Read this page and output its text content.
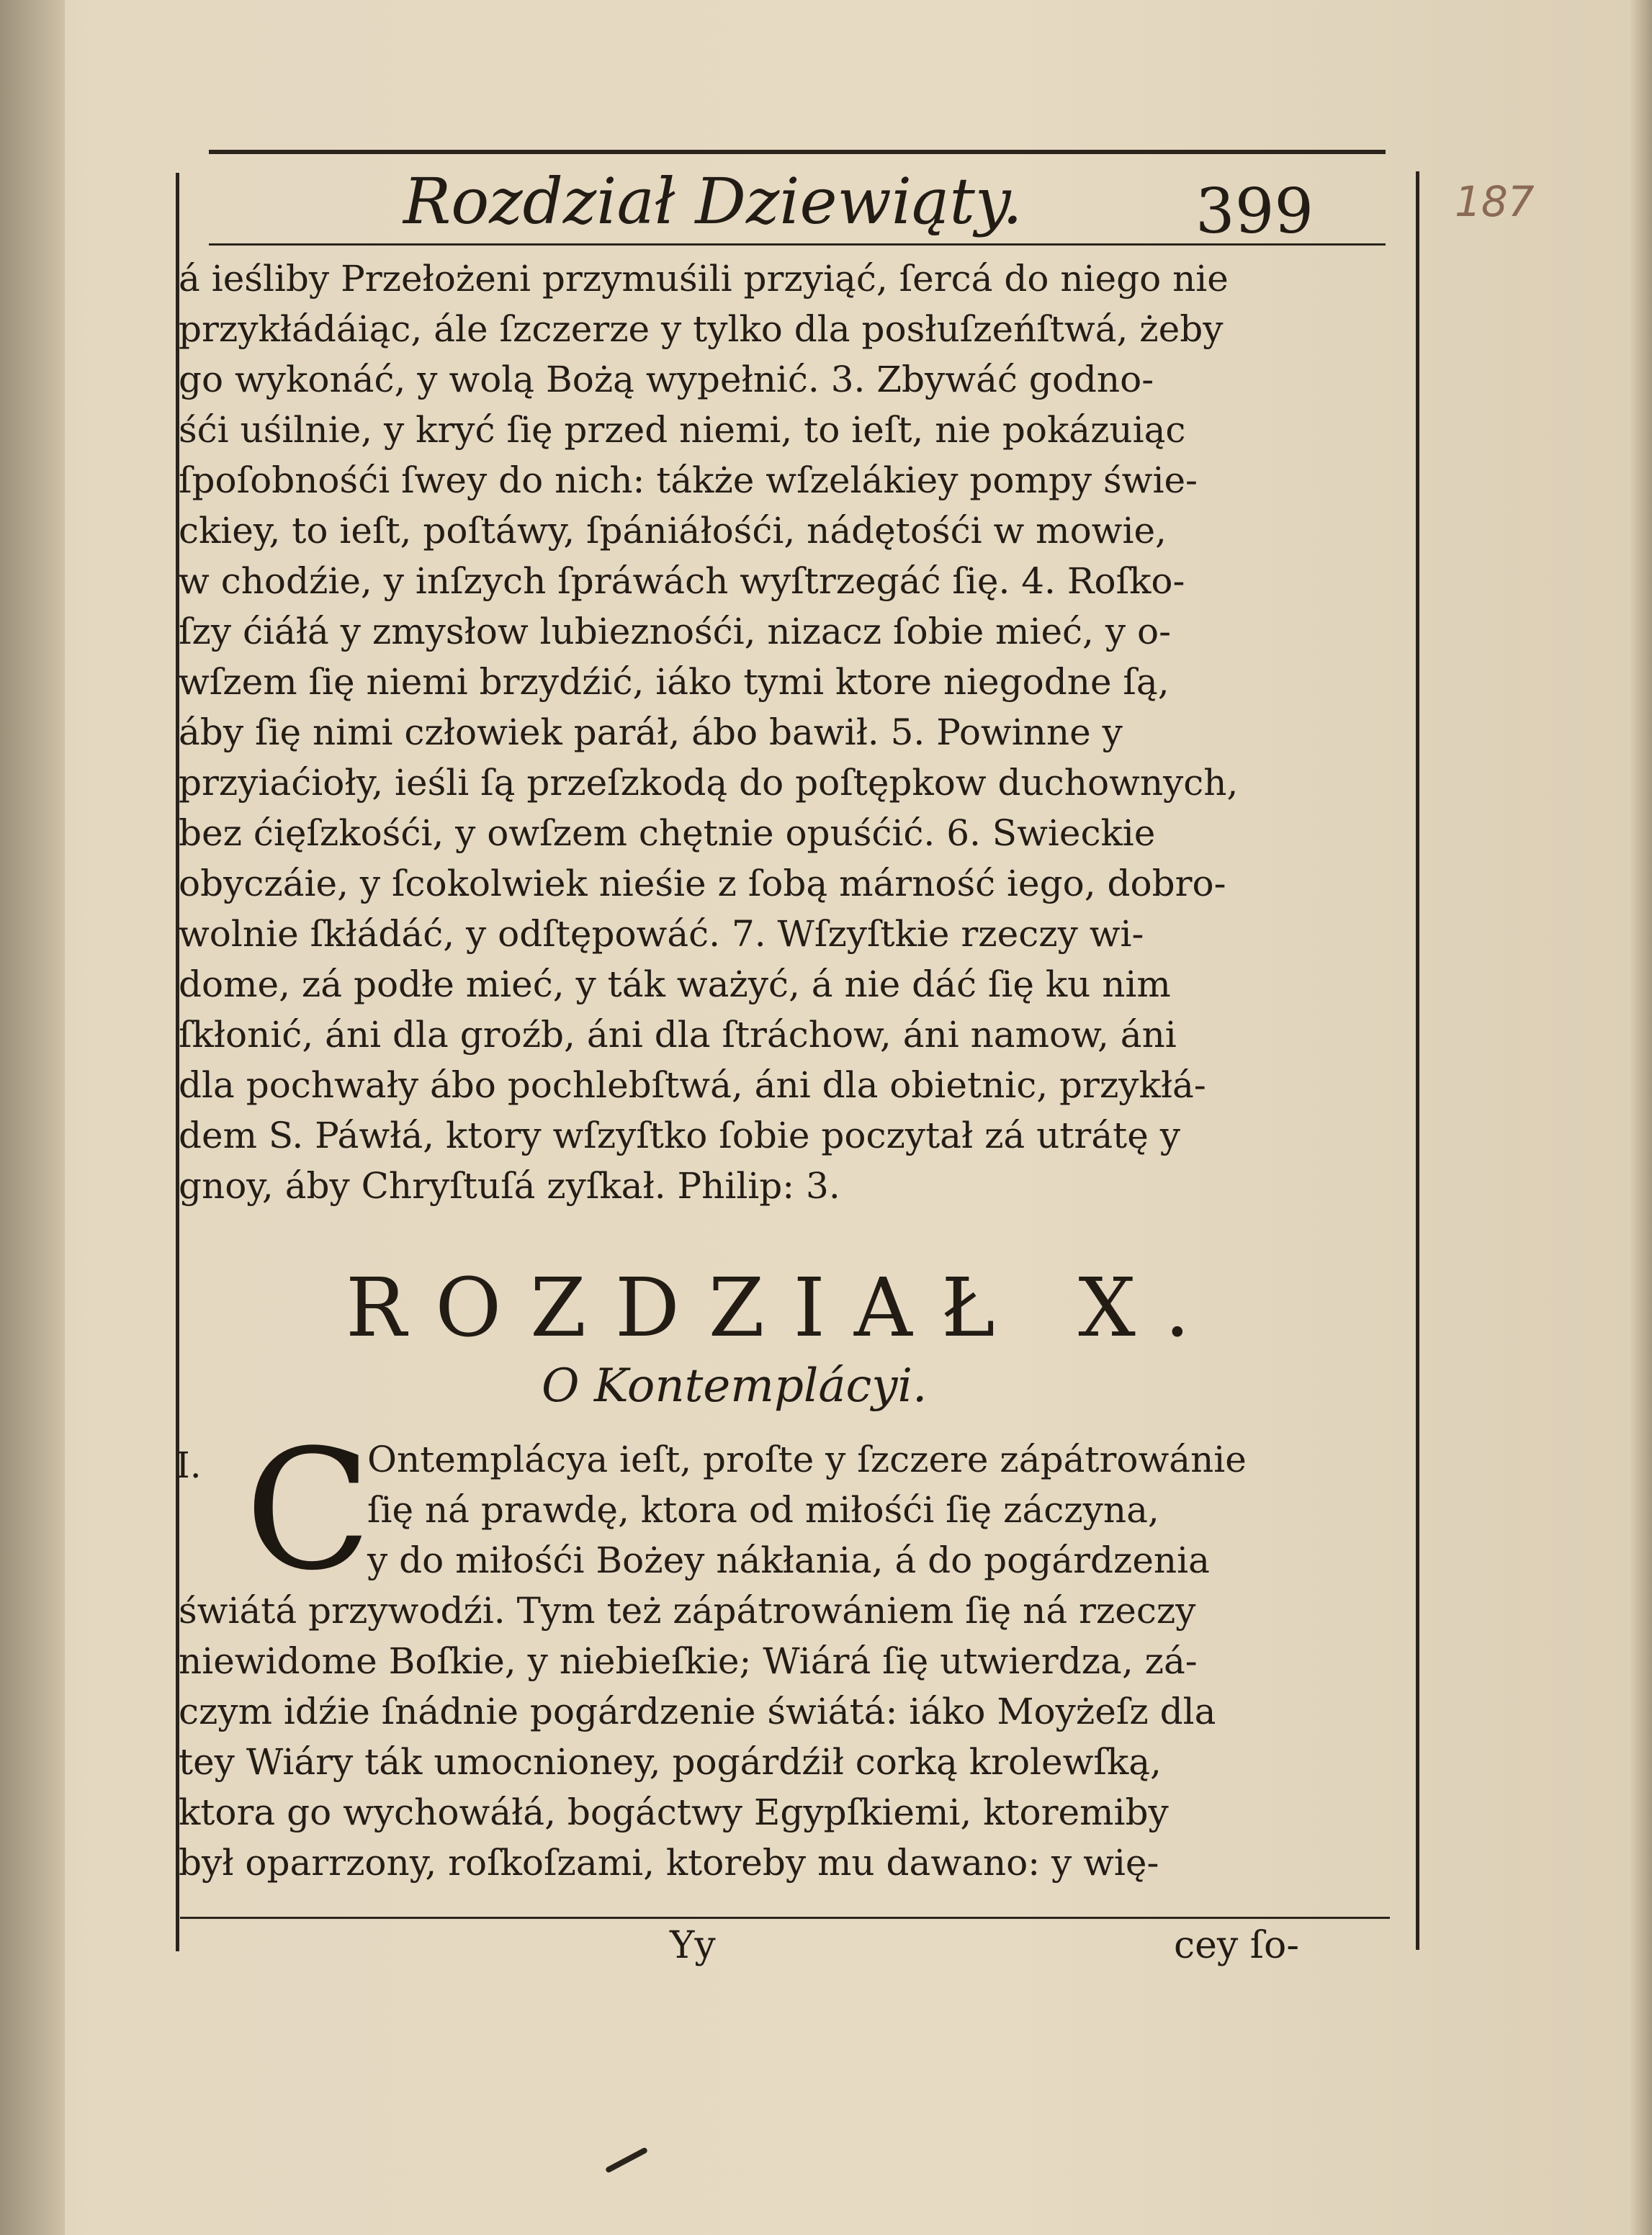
Rozdział Dziewiąty.	399	187
á ieśliby Przełożeni przymuśili przyiąć, ſercá do niego nie
przykłádáiąc, ále ſzczerze y tylko dla posłuſzeńſtwá, żeby
go wykonáć, y wolą Bożą wypełnić. 3. Zbywáć godno-
śći uśilnie, y kryć ſię przed niemi, to ieſt, nie pokázuiąc
ſpoſobnośći ſwey do nich: tákże wſzelákiey pompy świe-
ckiey, to ieſt, poſtáwy, ſpániáłośći, nádętośći w mowie,
w chodźie, y inſzych ſpráwách wyſtrzegáć ſię. 4. Roſko-
ſzy ćiáłá y zmysłow lubieznośći, nizacz ſobie mieć, y o-
wſzem ſię niemi brzydźić, iáko tymi ktore niegodne ſą,
áby ſię nimi człowiek paráł, ábo bawił. 5. Powinne y
przyiaćioły, ieśli ſą przeſzkodą do poſtępkow duchownych,
bez ćięſzkośći, y owſzem chętnie opuśćić. 6. Swieckie
obyczáie, y ſcokolwiek nieśie z ſobą márność iego, dobro-
wolnie ſkłádáć, y odſtępowáć. 7. Wſzyſtkie rzeczy wi-
dome, zá podłe mieć, y ták ważyć, á nie dáć ſię ku nim
ſkłonić, áni dla groźb, áni dla ſtráchow, áni namow, áni
dla pochwały ábo pochlebſtwá, áni dla obietnic, przykłá-
dem S. Páwłá, ktory wſzyſtko ſobie poczytał zá utrátę y
gnoy, áby Chryſtuſá zyſkał. Philip: 3.
ROZDZIAŁ X.
O Kontemplácyi.
I. C
Ontemplácya ieſt, proſte y ſzczere zápátrowánie
ſię ná prawdę, ktora od miłośći ſię záczyna,
y do miłośći Bożey nákłania, á do pogárdzenia
świátá przywodźi. Tym też zápátrowániem ſię ná rzeczy
niewidome Boſkie, y niebieſkie; Wiárá ſię utwierdza, zá-
czym idźie ſnádnie pogárdzenie świátá: iáko Moyżeſz dla
tey Wiáry ták umocnioney, pogárdźił corką krolewſką,
ktora go wychowáłá, bogáctwy Egypſkiemi, ktoremiby
był oparrzony, roſkoſzami, ktoreby mu dawano: y wię-
Yy	cey ſo-
